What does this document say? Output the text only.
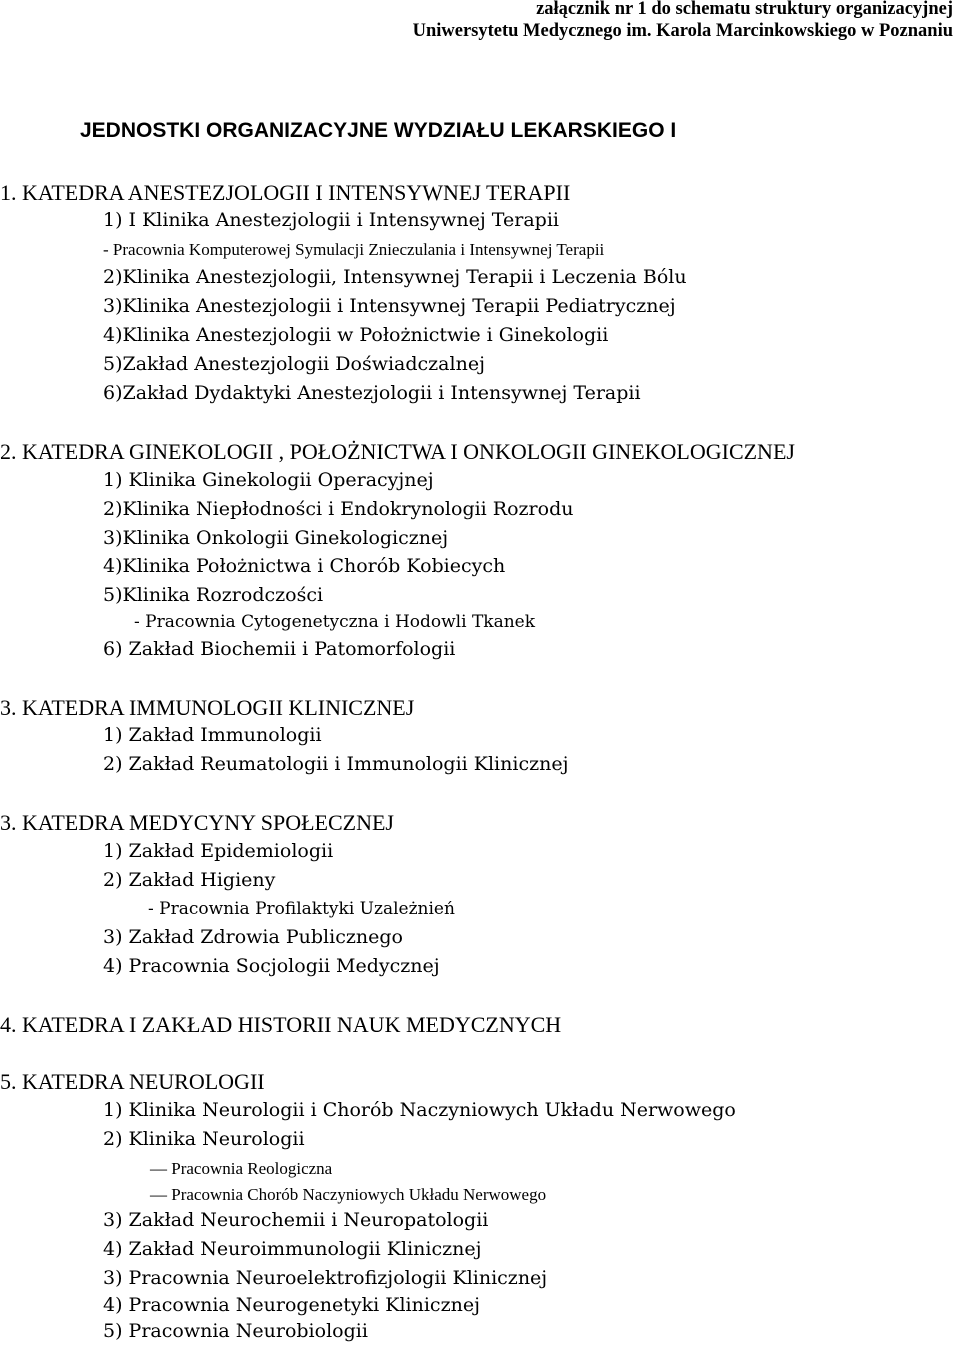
załącznik nr 1 do schematu struktury organizacyjnej
Uniwersytetu Medycznego im. Karola Marcinkowskiego w Poznaniu
JEDNOSTKI ORGANIZACYJNE WYDZIAŁU LEKARSKIEGO I
1. KATEDRA ANESTEZJOLOGII I INTENSYWNEJ TERAPII
1) I Klinika Anestezjologii i Intensywnej Terapii
- Pracownia Komputerowej Symulacji Znieczulania i Intensywnej Terapii
2)Klinika Anestezjologii, Intensywnej Terapii i Leczenia Bólu
3)Klinika Anestezjologii i Intensywnej Terapii Pediatrycznej
4)Klinika Anestezjologii w Położnictwie i Ginekologii
5)Zakład Anestezjologii Doświadczalnej
6)Zakład Dydaktyki Anestezjologii i Intensywnej Terapii
2. KATEDRA GINEKOLOGII , POŁOŻNICTWA I ONKOLOGII GINEKOLOGICZNEJ
1) Klinika Ginekologii Operacyjnej
2)Klinika Niepłodności i Endokrynologii Rozrodu
3)Klinika Onkologii Ginekologicznej
4)Klinika Położnictwa i Chorób Kobiecych
5)Klinika Rozrodczości
- Pracownia Cytogenetyczna i Hodowli Tkanek
6) Zakład Biochemii i Patomorfologii
3. KATEDRA IMMUNOLOGII KLINICZNEJ
1) Zakład Immunologii
2) Zakład Reumatologii i Immunologii Klinicznej
3. KATEDRA MEDYCYNY SPOŁECZNEJ
1) Zakład Epidemiologii
2) Zakład Higieny
- Pracownia Profilaktyki Uzależnień
3) Zakład Zdrowia Publicznego
4) Pracownia Socjologii Medycznej
4. KATEDRA I ZAKŁAD HISTORII NAUK MEDYCZNYCH
5. KATEDRA NEUROLOGII
1) Klinika Neurologii i Chorób Naczyniowych Układu Nerwowego
2) Klinika Neurologii
— Pracownia Reologiczna
— Pracownia Chorób Naczyniowych Układu Nerwowego
3) Zakład Neurochemii i Neuropatologii
4) Zakład Neuroimmunologii Klinicznej
3) Pracownia Neuroelektrofizjologii Klinicznej
4) Pracownia Neurogenetyki Klinicznej
5) Pracownia Neurobiologii
